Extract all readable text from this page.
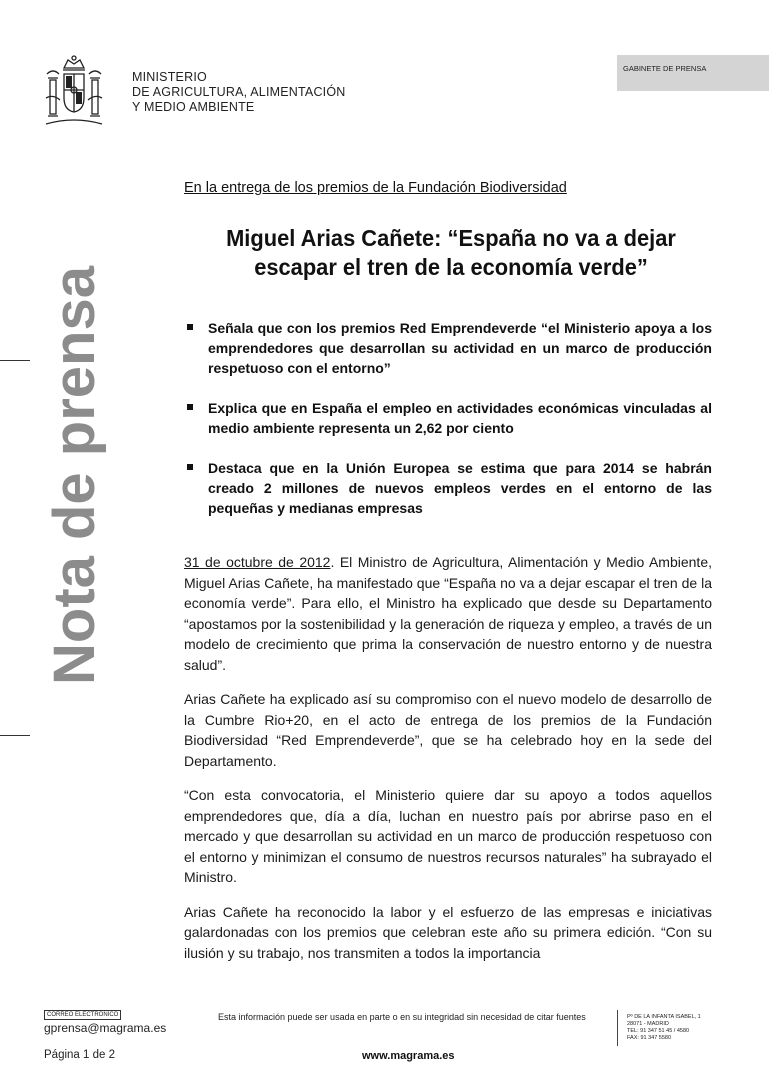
MINISTERIO
DE AGRICULTURA, ALIMENTACIÓN
Y MEDIO AMBIENTE
GABINETE DE PRENSA
Nota de prensa
En la entrega de los premios de la Fundación Biodiversidad
Miguel Arias Cañete: “España no va a dejar escapar el tren de la economía verde”
Señala que con los premios Red Emprendeverde “el Ministerio apoya a los emprendedores que desarrollan su actividad en un marco de producción respetuoso con el entorno”
Explica que en España el empleo en actividades económicas vinculadas al medio ambiente representa un 2,62 por ciento
Destaca que en la Unión Europea se estima que para 2014 se habrán creado 2 millones de nuevos empleos verdes en el entorno de las pequeñas y medianas empresas

31 de octubre de 2012. El Ministro de Agricultura, Alimentación y Medio Ambiente, Miguel Arias Cañete, ha manifestado que “España no va a dejar escapar el tren de la economía verde”. Para ello, el Ministro ha explicado que desde su Departamento “apostamos por la sostenibilidad y la generación de riqueza y empleo, a través de un modelo de crecimiento que prima la conservación de nuestro entorno y de nuestra salud”.

Arias Cañete ha explicado así su compromiso con el nuevo modelo de desarrollo de la Cumbre Rio+20, en el acto de entrega de los premios de la Fundación Biodiversidad “Red Emprendeverde”, que se ha celebrado hoy en la sede del Departamento.

“Con esta convocatoria, el Ministerio quiere dar su apoyo a todos aquellos emprendedores que, día a día, luchan en nuestro país por abrirse paso en el mercado y que desarrollan su actividad en un marco de producción respetuoso con el entorno y minimizan el consumo de nuestros recursos naturales” ha subrayado el Ministro.

Arias Cañete ha reconocido la labor y el esfuerzo de las empresas e iniciativas galardonadas con los premios que celebran este año su primera edición. “Con su ilusión y su trabajo, nos transmiten a todos la importancia

CORREO ELECTRÓNICO
gprensa@magrama.es
Esta información puede ser usada en parte o en su integridad sin necesidad de citar fuentes	Pº DE LA INFANTA ISABEL, 1
28071 - MADRID
TEL: 91 347 51 45 / 4580
FAX: 91 347 5580
Página 1 de 2	www.magrama.es
